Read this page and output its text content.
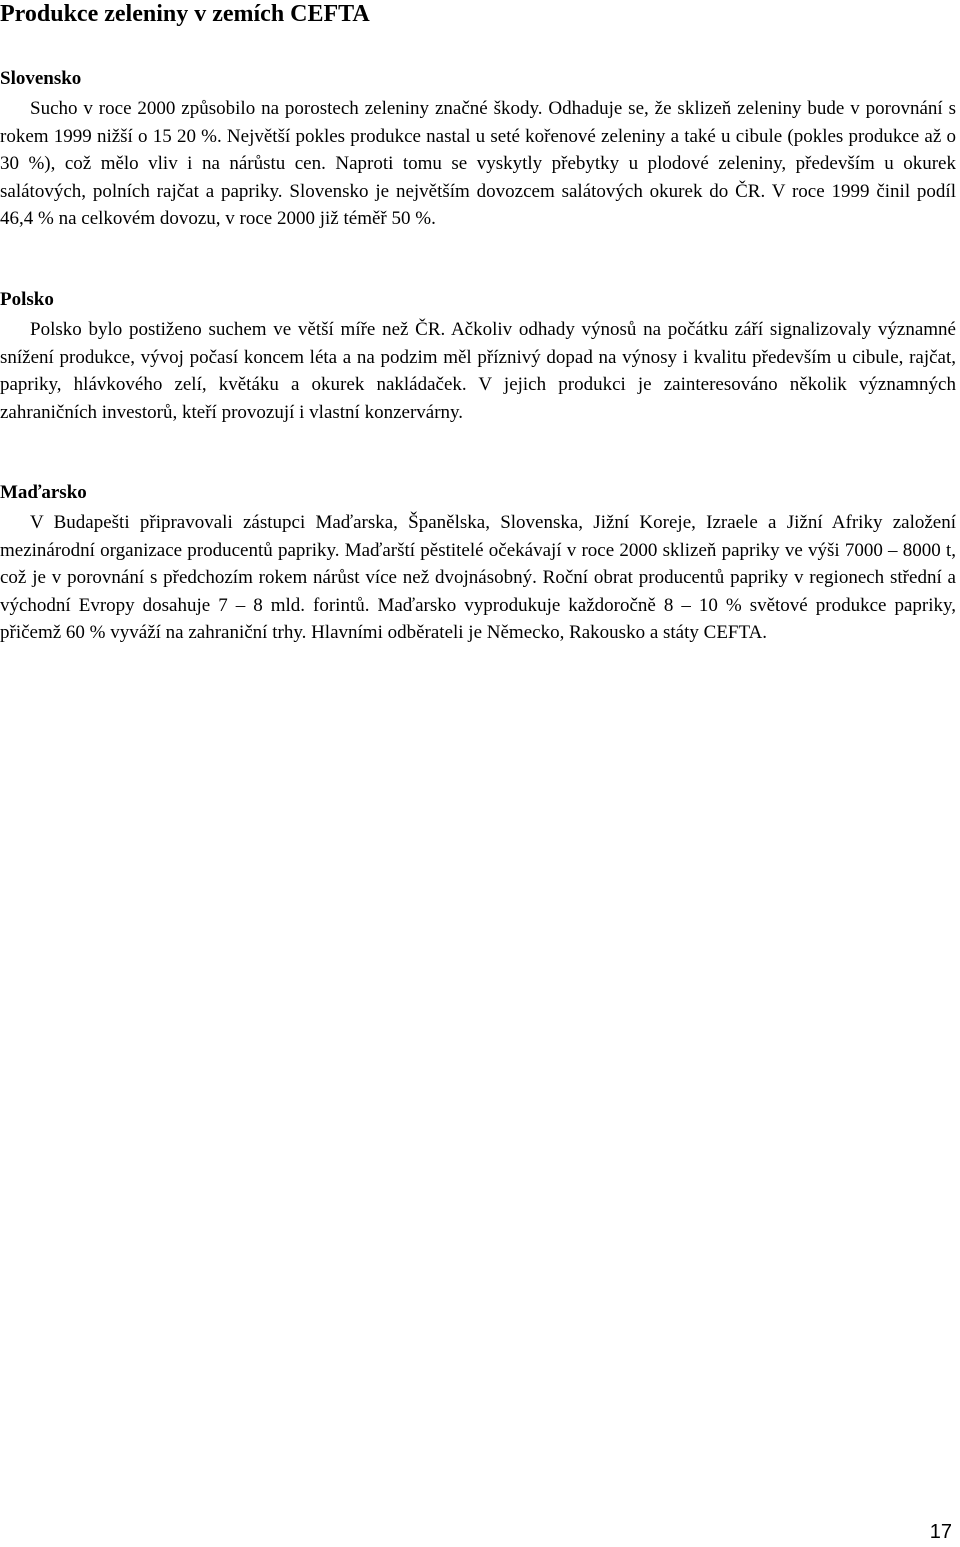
Produkce zeleniny v zemích CEFTA
Slovensko

Sucho v roce 2000 způsobilo na porostech zeleniny značné škody. Odhaduje se, že sklizeň zeleniny bude v porovnání s rokem 1999 nižší o 15 20 %. Největší pokles produkce nastal u seté kořenové zeleniny a také u cibule (pokles produkce až o 30 %), což mělo vliv i na nárůstu cen. Naproti tomu se vyskytly přebytky u plodové zeleniny, především u okurek salátových, polních rajčat a papriky. Slovensko je největším dovozcem salátových okurek do ČR. V roce 1999 činil podíl 46,4 % na celkovém dovozu, v roce 2000 již téměř 50 %.

Polsko

Polsko bylo postiženo suchem ve větší míře než ČR. Ačkoliv odhady výnosů na počátku září signalizovaly významné snížení produkce, vývoj počasí koncem léta a na podzim měl příznivý dopad na výnosy i kvalitu především u cibule, rajčat, papriky, hlávkového zelí, květáku a okurek nakládaček. V jejich produkci je zainteresováno několik významných zahraničních investorů, kteří provozují i vlastní konzervárny.

Maďarsko

V Budapešti připravovali zástupci Maďarska, Španělska, Slovenska, Jižní Koreje, Izraele a Jižní Afriky založení mezinárodní organizace producentů papriky. Maďarští pěstitelé očekávají v roce 2000 sklizeň papriky ve výši 7000 – 8000 t, což je v porovnání s předchozím rokem nárůst více než dvojnásobný. Roční obrat producentů papriky v regionech střední a východní Evropy dosahuje 7 – 8 mld. forintů. Maďarsko vyprodukuje každoročně 8 – 10 % světové produkce papriky, přičemž 60 % vyváží na zahraniční trhy. Hlavními odběrateli je Německo, Rakousko a státy CEFTA.

17
